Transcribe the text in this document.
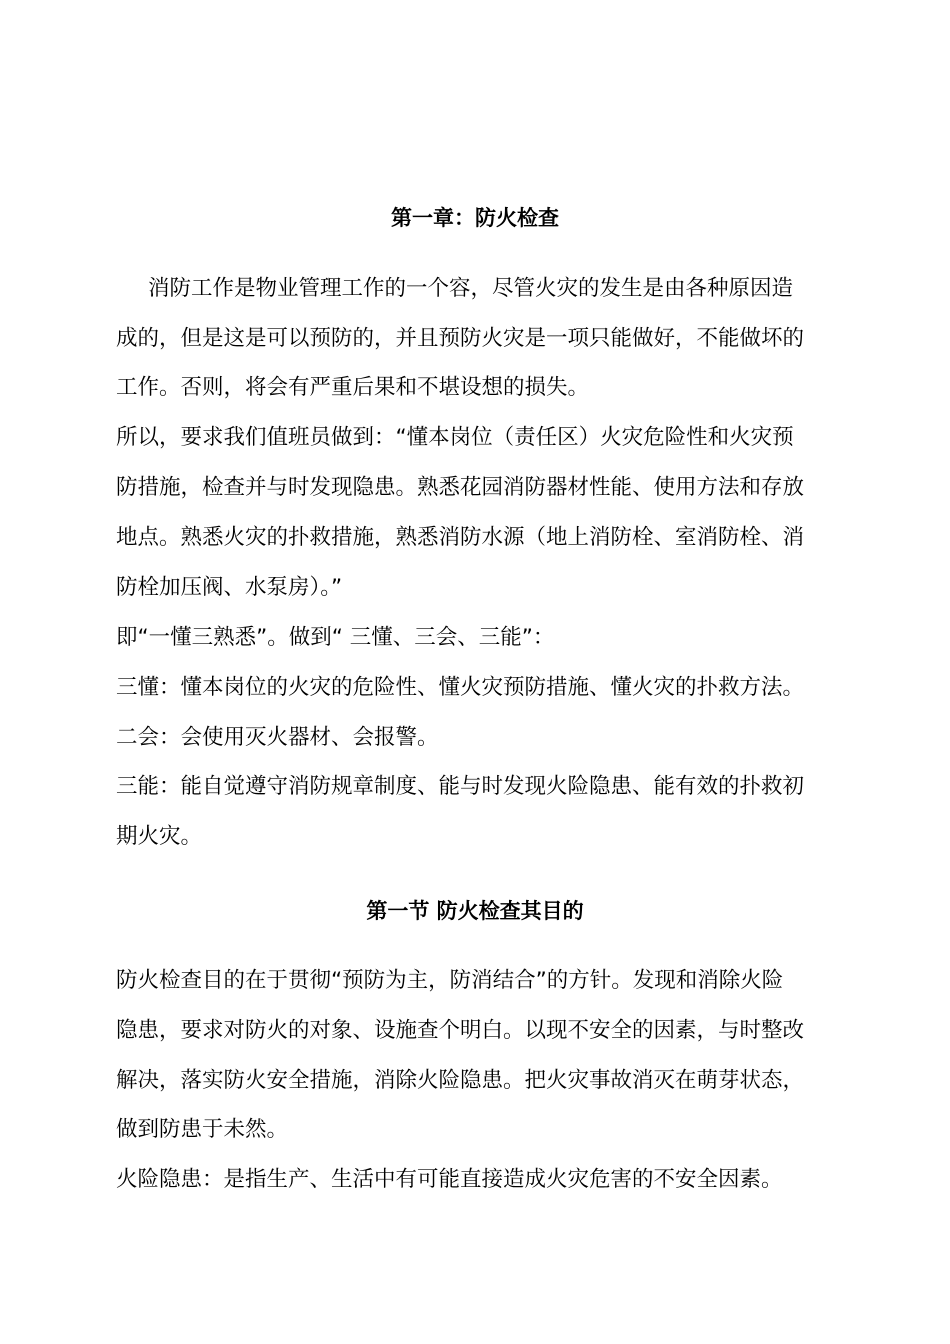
第一章：防火检查
消防工作是物业管理工作的一个容，尽管火灾的发生是由各种原因造
成的，但是这是可以预防的，并且预防火灾是一项只能做好，不能做坏的
工作。否则，将会有严重后果和不堪设想的损失。
所以，要求我们值班员做到：“懂本岗位（责任区）火灾危险性和火灾预
防措施，检查并与时发现隐患。熟悉花园消防器材性能、使用方法和存放
地点。熟悉火灾的扑救措施，熟悉消防水源（地上消防栓、室消防栓、消
防栓加压阀、水泵房）。”
即“一懂三熟悉”。做到“ 三懂、三会、三能”：
三懂：懂本岗位的火灾的危险性、懂火灾预防措施、懂火灾的扑救方法。
二会：会使用灭火器材、会报警。
三能：能自觉遵守消防规章制度、能与时发现火险隐患、能有效的扑救初
期火灾。
第一节 防火检查其目的
防火检查目的在于贯彻“预防为主，防消结合”的方针。发现和消除火险
隐患，要求对防火的对象、设施查个明白。以现不安全的因素，与时整改
解决，落实防火安全措施，消除火险隐患。把火灾事故消灭在萌芽状态，
做到防患于未然。
火险隐患：是指生产、生活中有可能直接造成火灾危害的不安全因素。
